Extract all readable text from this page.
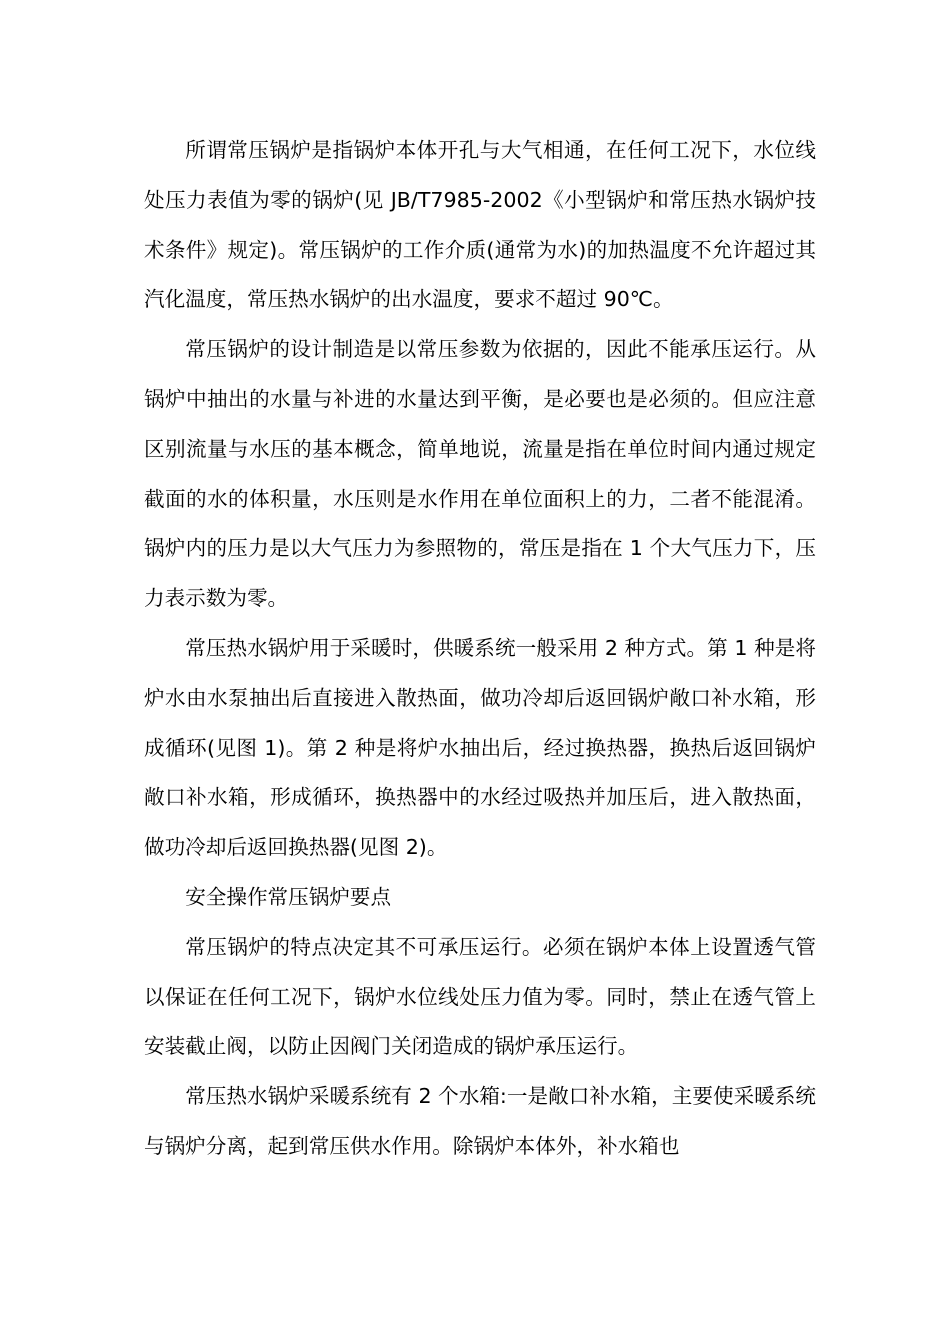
所谓常压锅炉是指锅炉本体开孔与大气相通，在任何工况下，水位线处压力表值为零的锅炉(见 JB/T7985-2002《小型锅炉和常压热水锅炉技术条件》规定)。常压锅炉的工作介质(通常为水)的加热温度不允许超过其汽化温度，常压热水锅炉的出水温度，要求不超过 90℃。

常压锅炉的设计制造是以常压参数为依据的，因此不能承压运行。从锅炉中抽出的水量与补进的水量达到平衡，是必要也是必须的。但应注意区别流量与水压的基本概念，简单地说，流量是指在单位时间内通过规定截面的水的体积量，水压则是水作用在单位面积上的力，二者不能混淆。锅炉内的压力是以大气压力为参照物的，常压是指在 1 个大气压力下，压力表示数为零。

常压热水锅炉用于采暖时，供暖系统一般采用 2 种方式。第 1 种是将炉水由水泵抽出后直接进入散热面，做功冷却后返回锅炉敞口补水箱，形成循环(见图 1)。第 2 种是将炉水抽出后，经过换热器，换热后返回锅炉敞口补水箱，形成循环，换热器中的水经过吸热并加压后，进入散热面，做功冷却后返回换热器(见图 2)。

安全操作常压锅炉要点

常压锅炉的特点决定其不可承压运行。必须在锅炉本体上设置透气管以保证在任何工况下，锅炉水位线处压力值为零。同时，禁止在透气管上安装截止阀，以防止因阀门关闭造成的锅炉承压运行。

常压热水锅炉采暖系统有 2 个水箱:一是敞口补水箱，主要使采暖系统与锅炉分离，起到常压供水作用。除锅炉本体外，补水箱也
